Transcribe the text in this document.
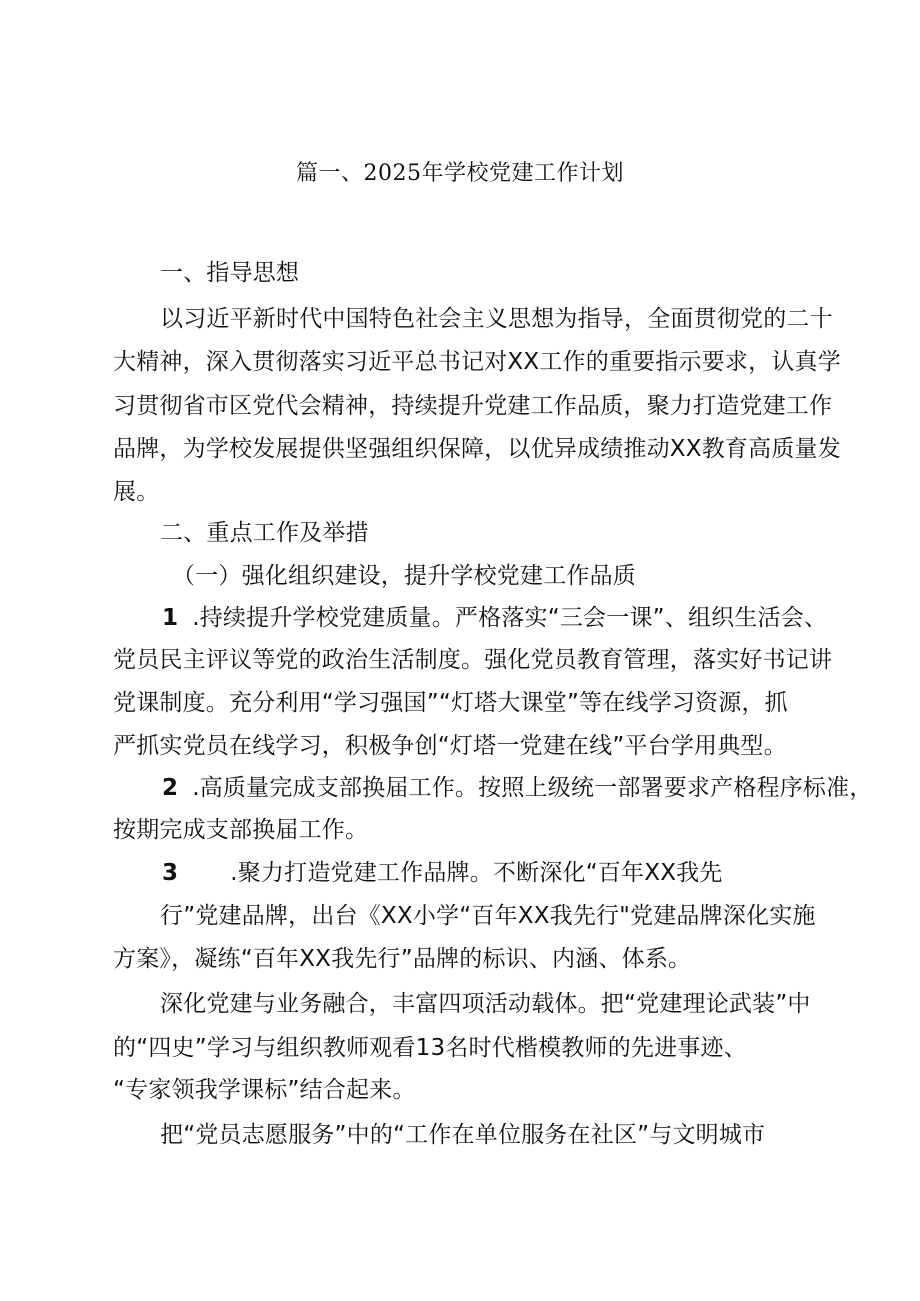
篇一、2025年学校党建工作计划
一、指导思想
以习近平新时代中国特色社会主义思想为指导，全面贯彻党的二十
大精神，深入贯彻落实习近平总书记对XX工作的重要指示要求，认真学
习贯彻省市区党代会精神，持续提升党建工作品质，聚力打造党建工作
品牌，为学校发展提供坚强组织保障，以优异成绩推动XX教育高质量发
展。
二、重点工作及举措
（一）强化组织建设，提升学校党建工作品质
1 .持续提升学校党建质量。严格落实“三会一课”、组织生活会、
党员民主评议等党的政治生活制度。强化党员教育管理，落实好书记讲
党课制度。充分利用“学习强国”“灯塔大课堂”等在线学习资源，抓
严抓实党员在线学习，积极争创“灯塔一党建在线”平台学用典型。
2 .高质量完成支部换届工作。按照上级统一部署要求产格程序标准，
按期完成支部换届工作。
3 .聚力打造党建工作品牌。不断深化“百年XX我先
行”党建品牌，出台《XX小学“百年XX我先行"党建品牌深化实施
方案》，凝练“百年XX我先行”品牌的标识、内涵、体系。
深化党建与业务融合，丰富四项活动载体。把“党建理论武装”中
的“四史”学习与组织教师观看13名时代楷模教师的先进事迹、
“专家领我学课标”结合起来。
把“党员志愿服务”中的“工作在单位服务在社区”与文明城市
